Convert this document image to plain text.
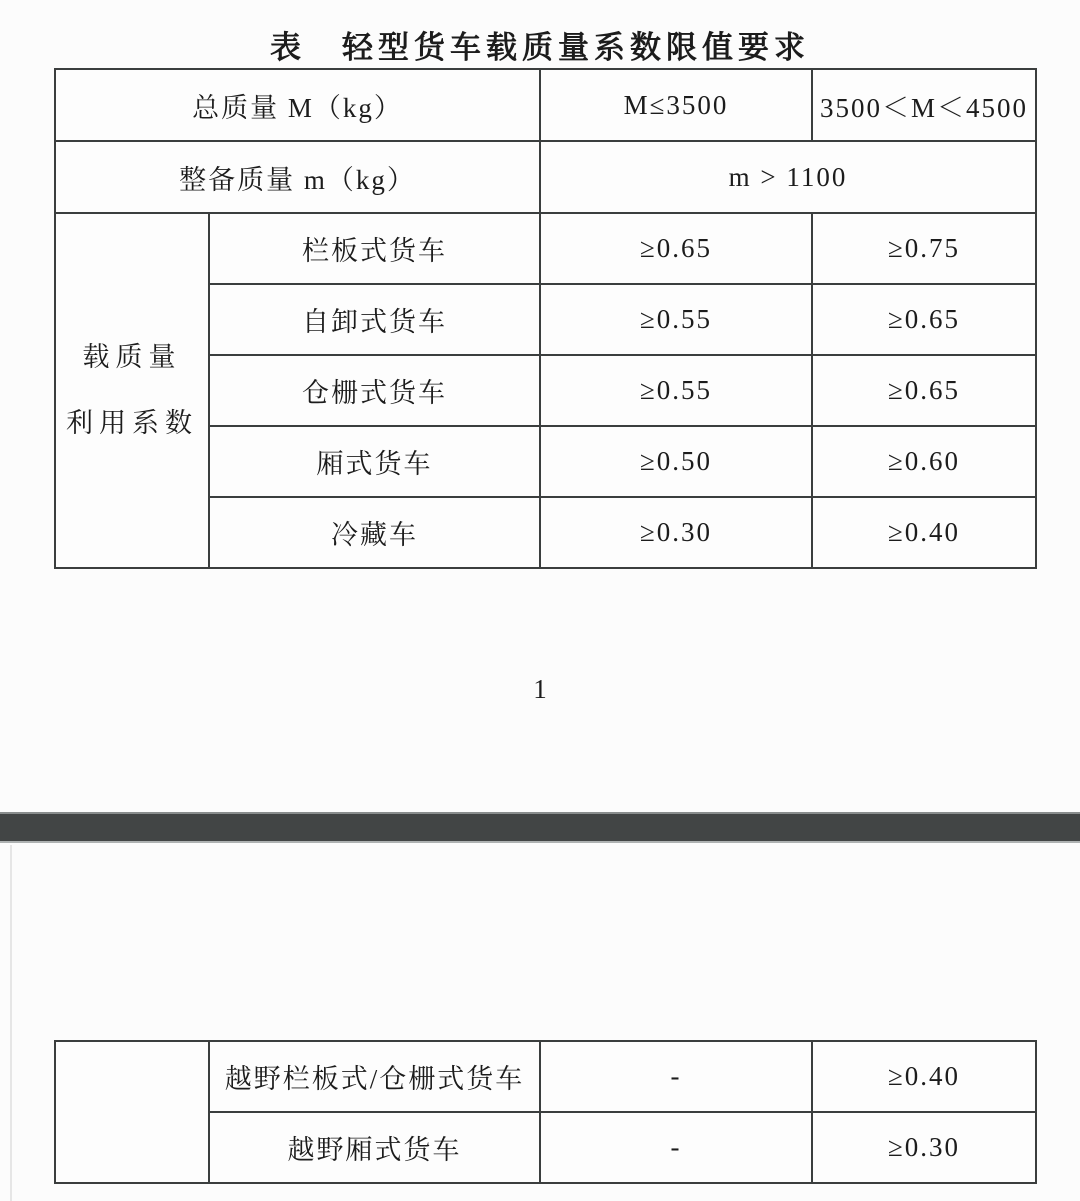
表　轻型货车载质量系数限值要求
总质量 M（kg）		M≤3500	3500＜M＜4500
整备质量 m（kg）		m > 1100	

载质量
利用系数	栏板式货车	≥0.65	≥0.75
	自卸式货车	≥0.55	≥0.65
	仓栅式货车	≥0.55	≥0.65
	厢式货车	≥0.50	≥0.60
	冷藏车	≥0.30	≥0.40
1
	越野栏板式/仓栅式货车	-	≥0.40
	越野厢式货车	-	≥0.30
